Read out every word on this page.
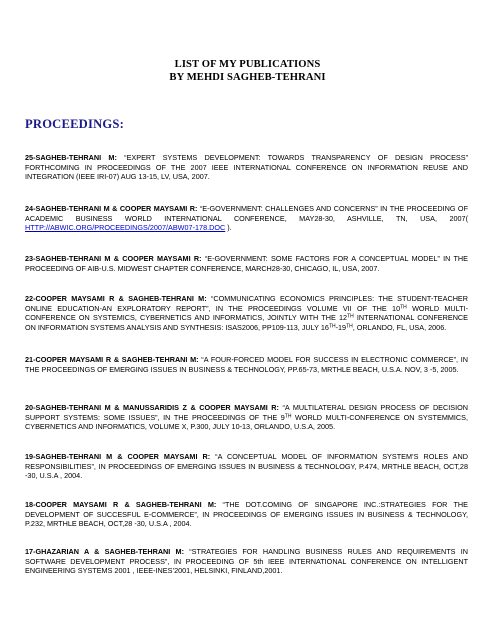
LIST OF MY PUBLICATIONS
BY MEHDI SAGHEB-TEHRANI
PROCEEDINGS:
25-SAGHEB-TEHRANI M: “EXPERT SYSTEMS DEVELOPMENT: TOWARDS TRANSPARENCY OF DESIGN PROCESS” FORTHCOMING IN PROCEEDINGS OF THE 2007 IEEE INTERNATIONAL CONFERENCE ON INFORMATION REUSE AND INTEGRATION (IEEE IRI-07) AUG 13-15, LV, USA, 2007.
24-SAGHEB-TEHRANI M & COOPER MAYSAMI R: “E-GOVERNMENT: CHALLENGES AND CONCERNS” IN THE PROCEEDING OF ACADEMIC BUSINESS WORLD INTERNATIONAL CONFERENCE, MAY28-30, ASHVILLE, TN, USA, 2007( HTTP://ABWIC.ORG/PROCEEDINGS/2007/ABW07-178.DOC ).
23-SAGHEB-TEHRANI M & COOPER MAYSAMI R: “E-GOVERNMENT: SOME FACTORS FOR A CONCEPTUAL MODEL” IN THE PROCEEDING OF AIB-U.S. MIDWEST CHAPTER CONFERENCE, MARCH28-30, CHICAGO, IL, USA, 2007.
22-COOPER MAYSAMI R & SAGHEB-TEHRANI M: “COMMUNICATING ECONOMICS PRINCIPLES: THE STUDENT-TEACHER ONLINE EDUCATION-AN EXPLORATORY REPORT”, IN THE PROCEEDINGS VOLUME VII OF THE 10TH WORLD MULTI-CONFERENCE ON SYSTEMICS, CYBERNETICS AND INFORMATICS, JOINTLY WITH THE 12TH INTERNATIONAL CONFERENCE ON INFORMATION SYSTEMS ANALYSIS AND SYNTHESIS: ISAS2006, PP109-113, JULY 16TH-19TH, ORLANDO, FL, USA, 2006.
21-COOPER MAYSAMI R & SAGHEB-TEHRANI M: “A FOUR-FORCED MODEL FOR SUCCESS IN ELECTRONIC COMMERCE”, IN THE PROCEEDINGS OF EMERGING ISSUES IN BUSINESS & TECHNOLOGY, PP.65-73, MRTHLE BEACH, U.S.A. NOV, 3 -5, 2005.
20-SAGHEB-TEHRANI M & MANUSSARIDIS Z & COOPER MAYSAMI R: “A MULTILATERAL DESIGN PROCESS OF DECISION SUPPORT SYSTEMS: SOME ISSUES”, IN THE PROCEEDINGS OF THE 9TH WORLD MULTI-CONFERENCE ON SYSTEMMICS, CYBERNETICS AND INFORMATICS, VOLUME X, P.300, JULY 10-13, ORLANDO, U.S.A, 2005.
19-SAGHEB-TEHRANI M & COOPER MAYSAMI R: “A CONCEPTUAL MODEL OF INFORMATION SYSTEM’S ROLES AND RESPONSIBILITIES”, IN PROCEEDINGS OF EMERGING ISSUES IN BUSINESS & TECHNOLOGY, P.474, MRTHLE BEACH, OCT,28 -30, U.S.A , 2004.
18-COOPER MAYSAMI R & SAGHEB-TEHRANI M: “THE DOT.COMING OF SINGAPORE INC.:STRATEGIES FOR THE DEVELOPMENT OF SUCCESFUL E-COMMERCE”, IN PROCEEDINGS OF EMERGING ISSUES IN BUSINESS & TECHNOLOGY, P.232, MRTHLE BEACH, OCT,28 -30, U.S.A , 2004.
17-GHAZARIAN A & SAGHEB-TEHRANI M: “STRATEGIES FOR HANDLING BUSINESS RULES AND REQUIREMENTS IN SOFTWARE DEVELOPMENT PROCESS”, IN PROCEEDING OF 5th IEEE INTERNATIONAL CONFERENCE ON INTELLIGENT ENGINEERING SYSTEMS 2001 , IEEE-INES’2001, HELSINKI, FINLAND,2001.
